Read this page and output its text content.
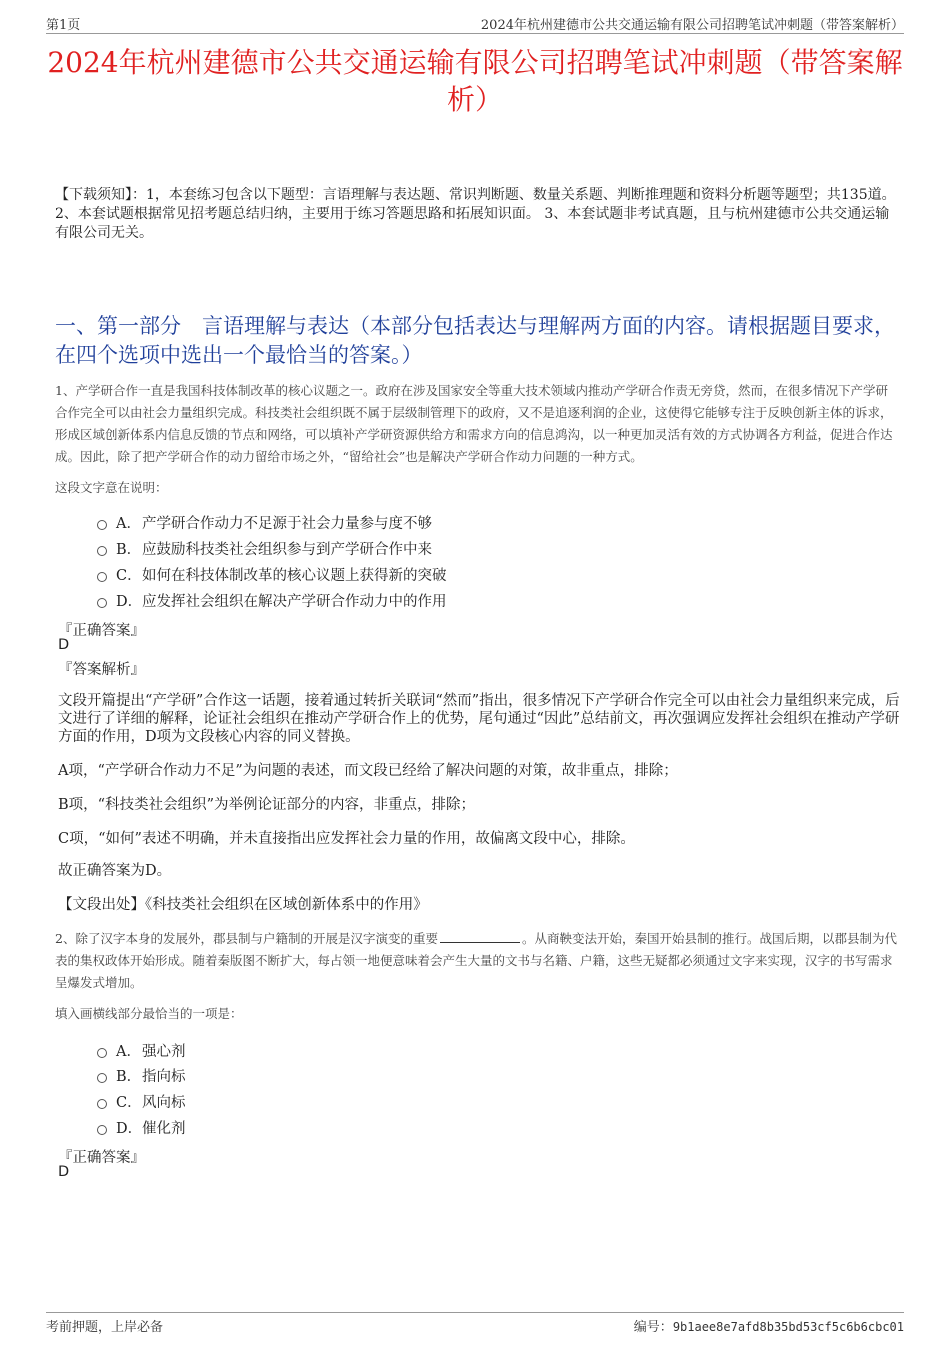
第1页	2024年杭州建德市公共交通运输有限公司招聘笔试冲刺题（带答案解析）
2024年杭州建德市公共交通运输有限公司招聘笔试冲刺题（带答案解析）
【下载须知】：1，本套练习包含以下题型：言语理解与表达题、常识判断题、数量关系题、判断推理题和资料分析题等题型；共135道。 2、本套试题根据常见招考题总结归纳，主要用于练习答题思路和拓展知识面。 3、本套试题非考试真题，且与杭州建德市公共交通运输有限公司无关。
一、第一部分　言语理解与表达（本部分包括表达与理解两方面的内容。请根据题目要求，在四个选项中选出一个最恰当的答案。）
1、产学研合作一直是我国科技体制改革的核心议题之一。政府在涉及国家安全等重大技术领域内推动产学研合作责无旁贷，然而，在很多情况下产学研合作完全可以由社会力量组织完成。科技类社会组织既不属于层级制管理下的政府，又不是追逐利润的企业，这使得它能够专注于反映创新主体的诉求，形成区域创新体系内信息反馈的节点和网络，可以填补产学研资源供给方和需求方向的信息鸿沟，以一种更加灵活有效的方式协调各方利益，促进合作达成。因此，除了把产学研合作的动力留给市场之外，“留给社会”也是解决产学研合作动力问题的一种方式。
这段文字意在说明：
A． 产学研合作动力不足源于社会力量参与度不够
B． 应鼓励科技类社会组织参与到产学研合作中来
C． 如何在科技体制改革的核心议题上获得新的突破
D． 应发挥社会组织在解决产学研合作动力中的作用
『正确答案』
D
『答案解析』
文段开篇提出“产学研”合作这一话题，接着通过转折关联词“然而”指出，很多情况下产学研合作完全可以由社会力量组织来完成，后文进行了详细的解释，论证社会组织在推动产学研合作上的优势，尾句通过“因此”总结前文，再次强调应发挥社会组织在推动产学研方面的作用，D项为文段核心内容的同义替换。
A项，“产学研合作动力不足”为问题的表述，而文段已经给了解决问题的对策，故非重点，排除；
B项，“科技类社会组织”为举例论证部分的内容，非重点，排除；
C项，“如何”表述不明确，并未直接指出应发挥社会力量的作用，故偏离文段中心，排除。
故正确答案为D。
【文段出处】《科技类社会组织在区域创新体系中的作用》
2、除了汉字本身的发展外，郡县制与户籍制的开展是汉字演变的重要	。从商鞅变法开始，秦国开始县制的推行。战国后期，以郡县制为代表的集权政体开始形成。随着秦版图不断扩大，每占领一地便意味着会产生大量的文书与名籍、户籍，这些无疑都必须通过文字来实现，汉字的书写需求呈爆发式增加。
填入画横线部分最恰当的一项是：
A． 强心剂
B． 指向标
C． 风向标
D． 催化剂
『正确答案』
D
考前押题，上岸必备	编号：9b1aee8e7afd8b35bd53cf5c6b6cbc01
